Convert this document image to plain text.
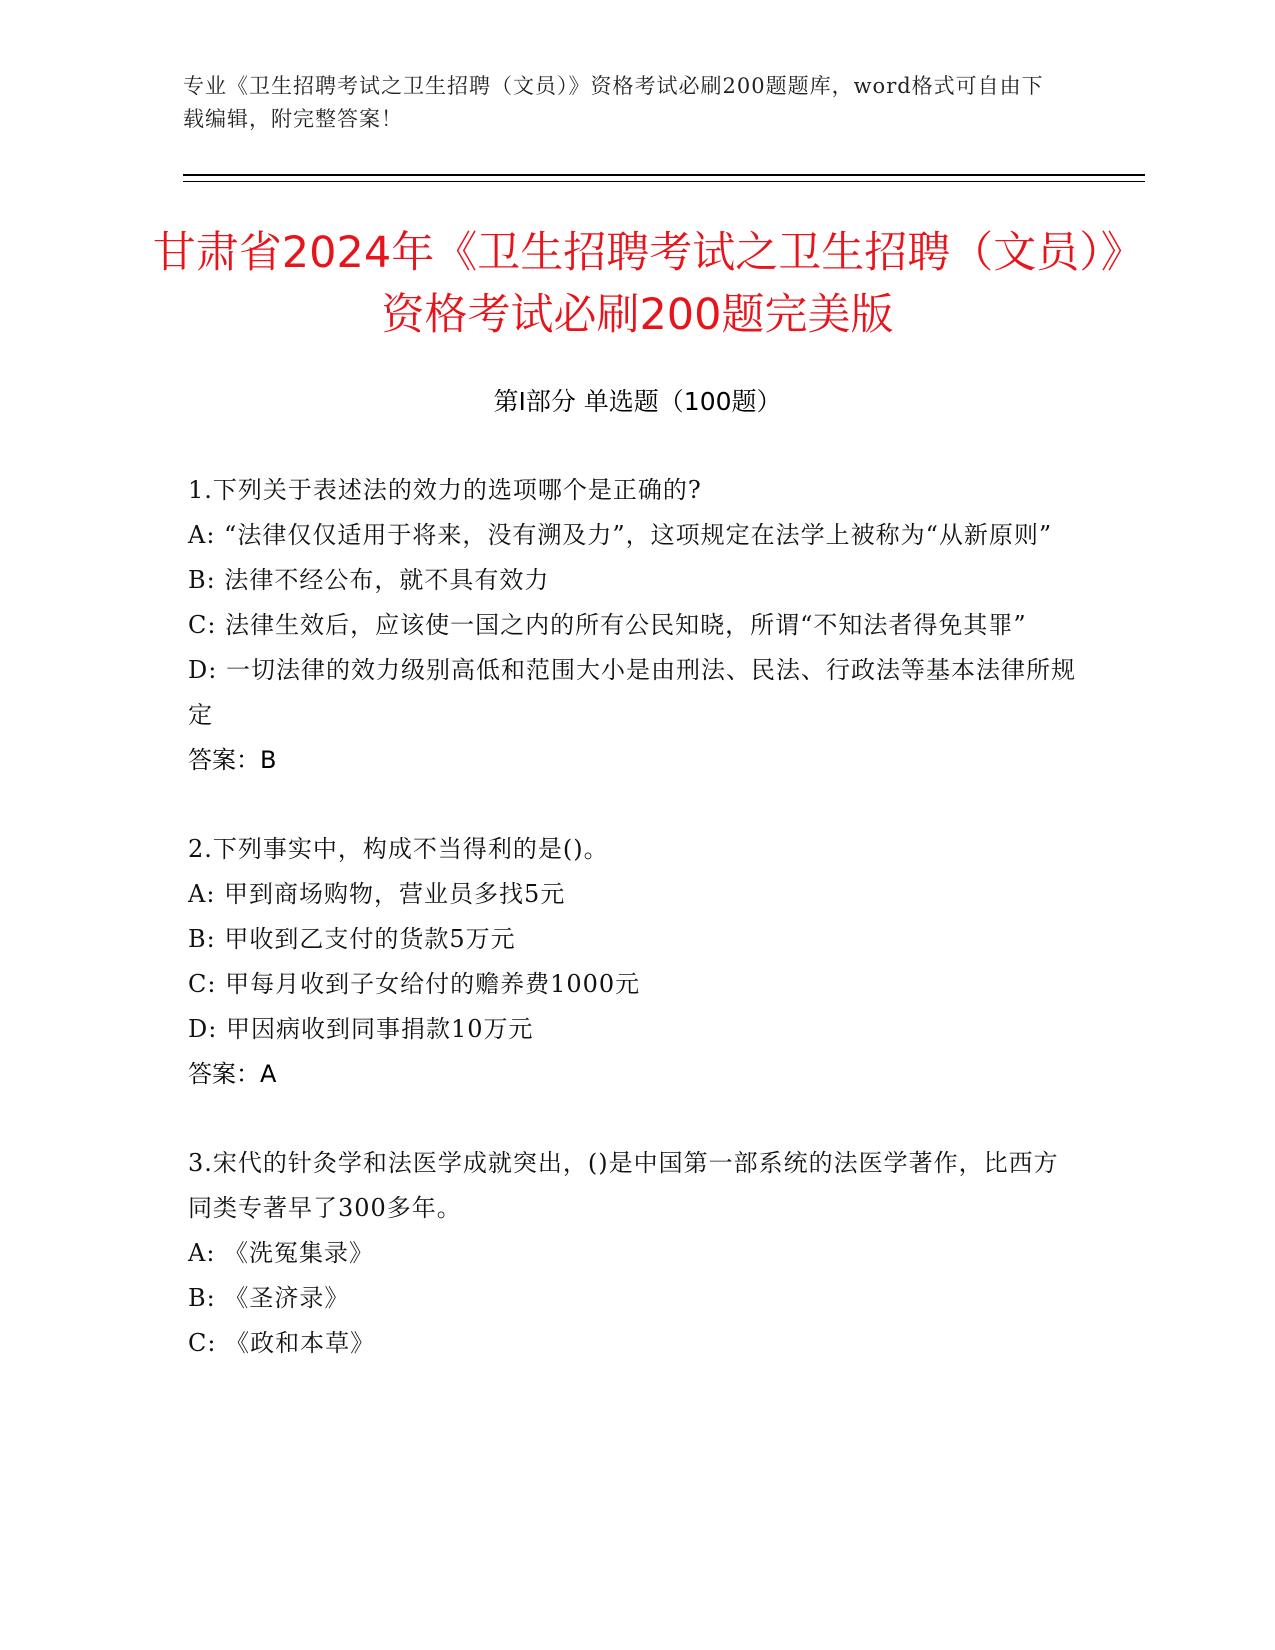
专业《卫生招聘考试之卫生招聘（文员）》资格考试必刷200题题库，word格式可自由下载编辑，附完整答案！
甘肃省2024年《卫生招聘考试之卫生招聘（文员）》资格考试必刷200题完美版
第Ⅰ部分 单选题（100题）
1.下列关于表述法的效力的选项哪个是正确的?
A: “法律仅仅适用于将来，没有溯及力”，这项规定在法学上被称为“从新原则”
B: 法律不经公布，就不具有效力
C: 法律生效后，应该使一国之内的所有公民知晓，所谓“不知法者得免其罪”
D: 一切法律的效力级别高低和范围大小是由刑法、民法、行政法等基本法律所规定
答案：B
2.下列事实中，构成不当得利的是()。
A: 甲到商场购物，营业员多找5元
B: 甲收到乙支付的货款5万元
C: 甲每月收到子女给付的赡养费1000元
D: 甲因病收到同事捐款10万元
答案：A
3.宋代的针灸学和法医学成就突出，()是中国第一部系统的法医学著作，比西方同类专著早了300多年。
A: 《洗冤集录》
B: 《圣济录》
C: 《政和本草》
